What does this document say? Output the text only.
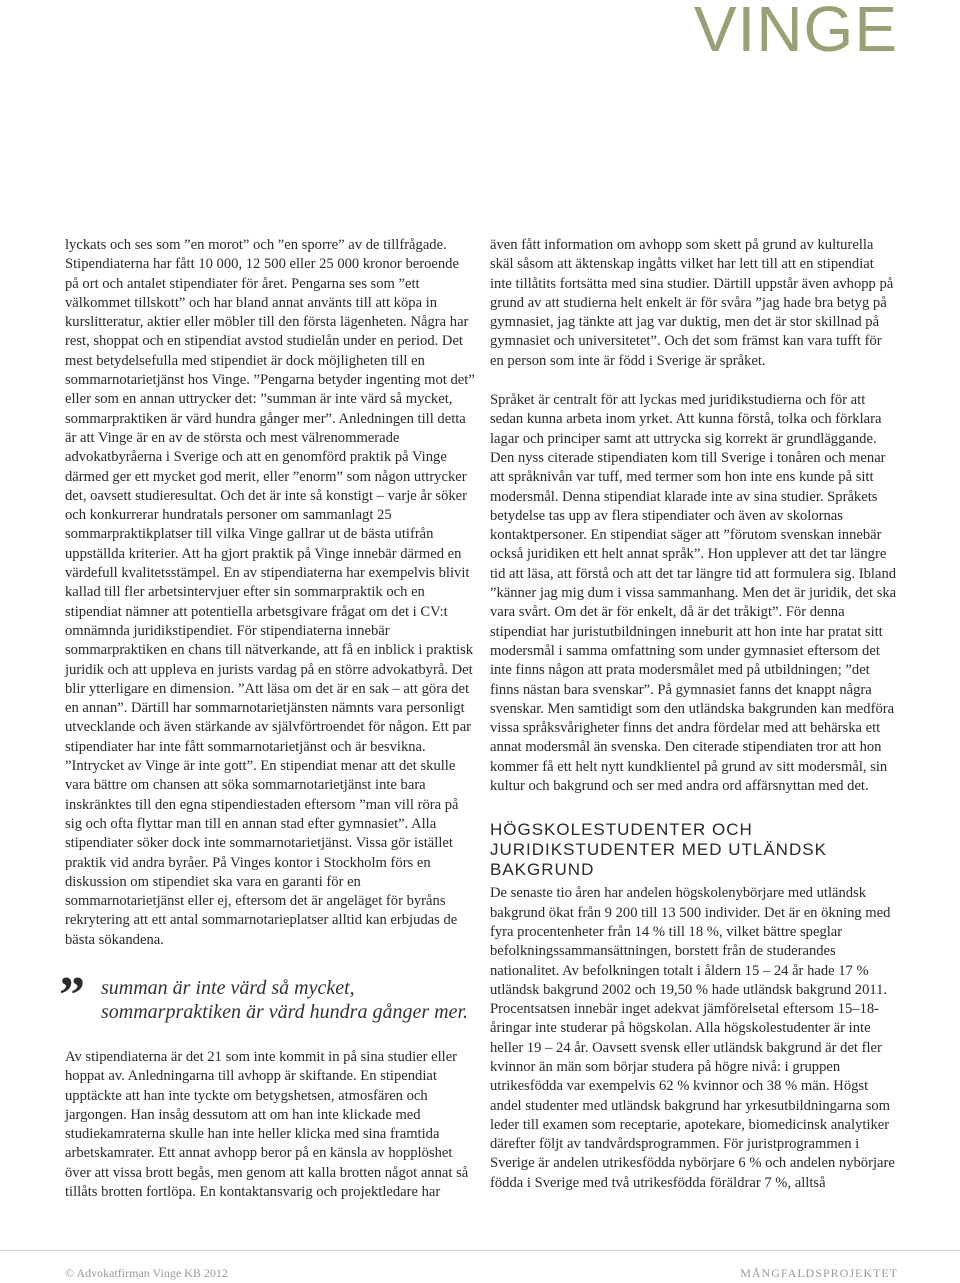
VINGE

lyckats och ses som ”en morot” och ”en sporre” av de tillfrågade. Stipendiaterna har fått 10 000, 12 500 eller 25 000 kronor beroende på ort och antalet stipendiater för året. Pengarna ses som ”ett välkommet tillskott” och har bland annat använts till att köpa in kurslitteratur, aktier eller möbler till den första lägenheten. Några har rest, shoppat och en stipendiat avstod studielån under en period. Det mest betydelsefulla med stipendiet är dock möjligheten till en sommarnotarietjänst hos Vinge. ”Pengarna betyder ingenting mot det” eller som en annan uttrycker det: ”summan är inte värd så mycket, sommarpraktiken är värd hundra gånger mer”. Anledningen till detta är att Vinge är en av de största och mest välrenommerade advokatbyråerna i Sverige och att en genomförd praktik på Vinge därmed ger ett mycket god merit, eller ”enorm” som någon uttrycker det, oavsett studieresultat. Och det är inte så konstigt – varje år söker och konkurrerar hundratals personer om sammanlagt 25 sommarpraktikplatser till vilka Vinge gallrar ut de bästa utifrån uppställda kriterier. Att ha gjort praktik på Vinge innebär därmed en värdefull kvalitetsstämpel. En av stipendiaterna har exempelvis blivit kallad till fler arbetsintervjuer efter sin sommarpraktik och en stipendiat nämner att potentiella arbetsgivare frågat om det i CV:t omnämnda juridikstipendiet. För stipendiaterna innebär sommarpraktiken en chans till nätverkande, att få en inblick i praktisk juridik och att uppleva en jurists vardag på en större advokatbyrå. Det blir ytterligare en dimension. ”Att läsa om det är en sak – att göra det en annan”. Därtill har sommarnotarietjänsten nämnts vara personligt utvecklande och även stärkande av självförtroendet för någon. Ett par stipendiater har inte fått sommarnotarietjänst och är besvikna. ”Intrycket av Vinge är inte gott”. En stipendiat menar att det skulle vara bättre om chansen att söka sommarnotarietjänst inte bara inskränktes till den egna stipendiestaden eftersom ”man vill röra på sig och ofta flyttar man till en annan stad efter gymnasiet”. Alla stipendiater söker dock inte sommarnotarietjänst. Vissa gör istället praktik vid andra byråer. På Vinges kontor i Stockholm förs en diskussion om stipendiet ska vara en garanti för en sommarnotarietjänst eller ej, eftersom det är angeläget för byråns rekrytering att ett antal sommarnotarieplatser alltid kan erbjudas de bästa sökandena.

” summan är inte värd så mycket, sommarpraktiken är värd hundra gånger mer.

Av stipendiaterna är det 21 som inte kommit in på sina studier eller hoppat av. Anledningarna till avhopp är skiftande. En stipendiat upptäckte att han inte tyckte om betygshetsen, atmosfären och jargongen. Han insåg dessutom att om han inte klickade med studiekamraterna skulle han inte heller klicka med sina framtida arbetskamrater. Ett annat avhopp beror på en känsla av hopplöshet över att vissa brott begås, men genom att kalla brotten något annat så tillåts brotten fortlöpa. En kontaktansvarig och projektledare har

även fått information om avhopp som skett på grund av kulturella skäl såsom att äktenskap ingåtts vilket har lett till att en stipendiat inte tillåtits fortsätta med sina studier. Därtill uppstår även avhopp på grund av att studierna helt enkelt är för svåra ”jag hade bra betyg på gymnasiet, jag tänkte att jag var duktig, men det är stor skillnad på gymnasiet och universitetet”. Och det som främst kan vara tufft för en person som inte är född i Sverige är språket.

Språket är centralt för att lyckas med juridikstudierna och för att sedan kunna arbeta inom yrket. Att kunna förstå, tolka och förklara lagar och principer samt att uttrycka sig korrekt är grundläggande. Den nyss citerade stipendiaten kom till Sverige i tonåren och menar att språknivån var tuff, med termer som hon inte ens kunde på sitt modersmål. Denna stipendiat klarade inte av sina studier. Språkets betydelse tas upp av flera stipendiater och även av skolornas kontaktpersoner. En stipendiat säger att ”förutom svenskan innebär också juridiken ett helt annat språk”. Hon upplever att det tar längre tid att läsa, att förstå och att det tar längre tid att formulera sig. Ibland ”känner jag mig dum i vissa sammanhang. Men det är juridik, det ska vara svårt. Om det är för enkelt, då är det tråkigt”. För denna stipendiat har juristutbildningen inneburit att hon inte har pratat sitt modersmål i samma omfattning som under gymnasiet eftersom det inte finns någon att prata modersmålet med på utbildningen; ”det finns nästan bara svenskar”. På gymnasiet fanns det knappt några svenskar. Men samtidigt som den utländska bakgrunden kan medföra vissa språksvårigheter finns det andra fördelar med att behärska ett annat modersmål än svenska. Den citerade stipendiaten tror att hon kommer få ett helt nytt kundklientel på grund av sitt modersmål, sin kultur och bakgrund och ser med andra ord affärsnyttan med det.

HÖGSKOLESTUDENTER OCH JURIDIKSTUDENTER MED UTLÄNDSK BAKGRUND

De senaste tio åren har andelen högskolenybörjare med utländsk bakgrund ökat från 9 200 till 13 500 individer. Det är en ökning med fyra procentenheter från 14 % till 18 %, vilket bättre speglar befolkningssammansättningen, borstett från de studerandes nationalitet. Av befolkningen totalt i åldern 15 – 24 år hade 17 % utländsk bakgrund 2002 och 19,50 % hade utländsk bakgrund 2011. Procentsatsen innebär inget adekvat jämförelsetal eftersom 15–18-åringar inte studerar på högskolan. Alla högskolestudenter är inte heller 19 – 24 år. Oavsett svensk eller utländsk bakgrund är det fler kvinnor än män som börjar studera på högre nivå: i gruppen utrikesfödda var exempelvis 62 % kvinnor och 38 % män. Högst andel studenter med utländsk bakgrund har yrkesutbildningarna som leder till examen som receptarie, apotekare, biomedicinsk analytiker därefter följt av tandvårdsprogrammen. För juristprogrammen i Sverige är andelen utrikesfödda nybörjare 6 % och andelen nybörjare födda i Sverige med två utrikesfödda föräldrar 7 %, alltså

© Advokatfirman Vinge KB 2012	MÅNGFALDSPROJEKTET
